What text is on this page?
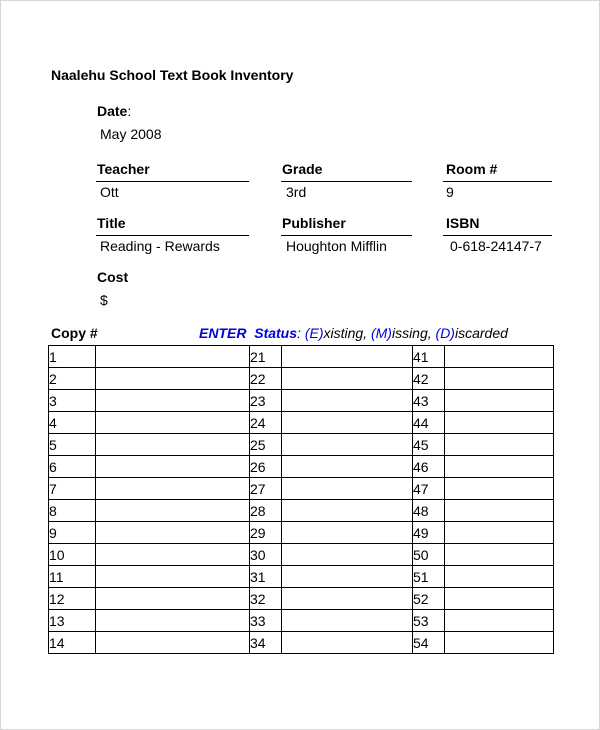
Naalehu School Text Book Inventory
Date:
May 2008
Teacher
Ott
Grade
3rd
Room #
9
Title
Reading - Rewards
Publisher
Houghton Mifflin
ISBN
0-618-24147-7
Cost
$
Copy #	ENTER Status: (E)xisting, (M)issing, (D)iscarded
1		21		41	
2		22		42	
3		23		43	
4		24		44	
5		25		45	
6		26		46	
7		27		47	
8		28		48	
9		29		49	
10		30		50	
11		31		51	
12		32		52	
13		33		53	
14		34		54	
